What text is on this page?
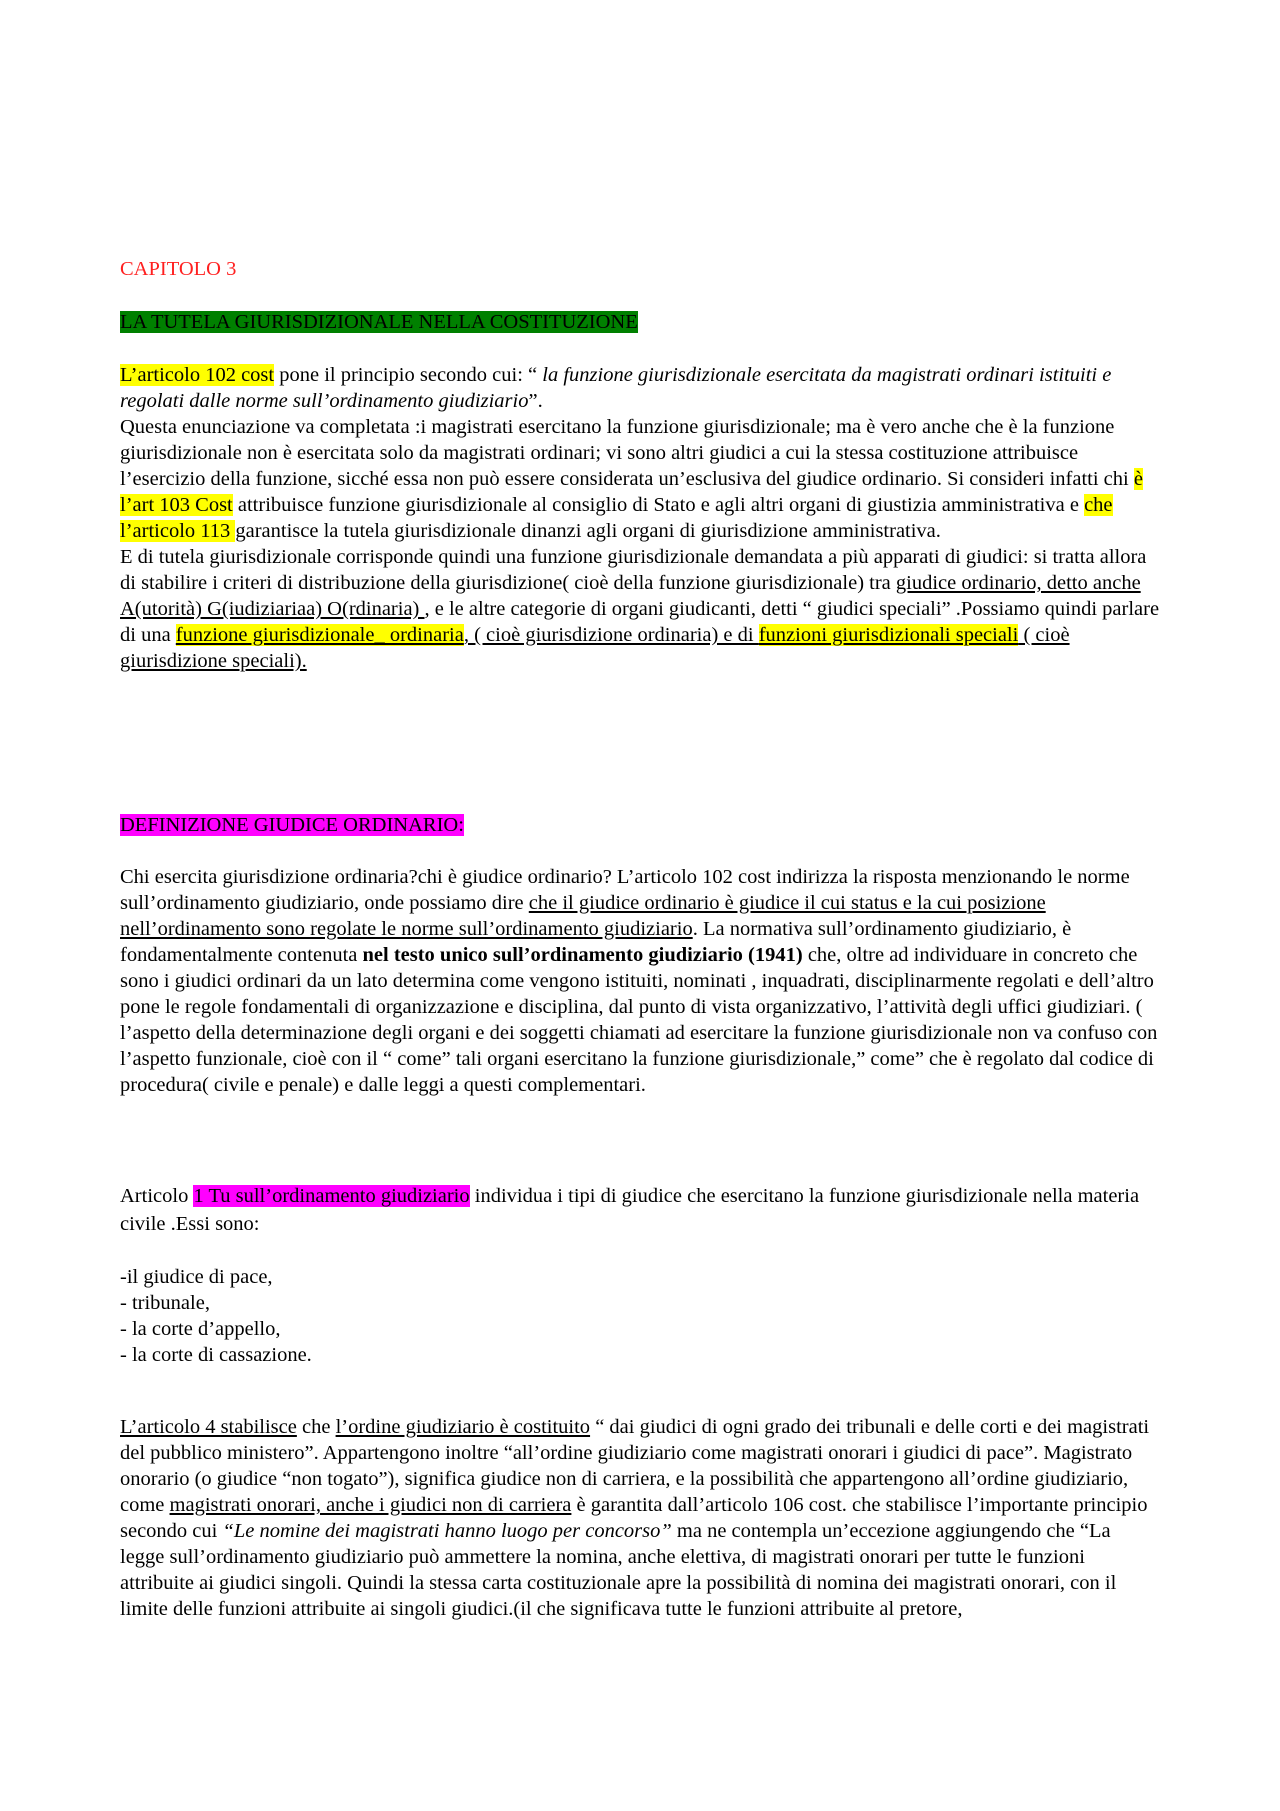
CAPITOLO 3
LA TUTELA GIURISDIZIONALE NELLA COSTITUZIONE

L’articolo 102 cost pone il principio secondo cui: “ la funzione giurisdizionale esercitata da magistrati ordinari istituiti e regolati dalle norme sull’ordinamento giudiziario”.

Questa enunciazione va completata :i magistrati esercitano la funzione giurisdizionale; ma è vero anche che è la funzione giurisdizionale non è esercitata solo da magistrati ordinari; vi sono altri giudici a cui la stessa costituzione attribuisce l’esercizio della funzione, sicché essa non può essere considerata un’esclusiva del giudice ordinario. Si consideri infatti chi è l’art 103 Cost attribuisce funzione giurisdizionale al consiglio di Stato e agli altri organi di giustizia amministrativa e che l’articolo 113 garantisce la tutela giurisdizionale dinanzi agli organi di giurisdizione amministrativa.

E di tutela giurisdizionale corrisponde quindi una funzione giurisdizionale demandata a più apparati di giudici: si tratta allora di stabilire i criteri di distribuzione della giurisdizione( cioè della funzione giurisdizionale) tra giudice ordinario, detto anche A(utorità) G(iudiziariaa) O(rdinaria) , e le altre categorie di organi giudicanti, detti “ giudici speciali” .Possiamo quindi parlare di una funzione giurisdizionale_ ordinaria, ( cioè giurisdizione ordinaria) e di funzioni giurisdizionali speciali ( cioè giurisdizione speciali).

DEFINIZIONE GIUDICE ORDINARIO:

Chi esercita giurisdizione ordinaria?chi è giudice ordinario? L’articolo 102 cost indirizza la risposta menzionando le norme sull’ordinamento giudiziario, onde possiamo dire che il giudice ordinario è giudice il cui status e la cui posizione nell’ordinamento sono regolate le norme sull’ordinamento giudiziario. La normativa sull’ordinamento giudiziario, è fondamentalmente contenuta nel testo unico sull’ordinamento giudiziario (1941) che, oltre ad individuare in concreto che sono i giudici ordinari da un lato determina come vengono istituiti, nominati , inquadrati, disciplinarmente regolati e dell’altro pone le regole fondamentali di organizzazione e disciplina, dal punto di vista organizzativo, l’attività degli uffici giudiziari. ( l’aspetto della determinazione degli organi e dei soggetti chiamati ad esercitare la funzione giurisdizionale non va confuso con l’aspetto funzionale, cioè con il “ come” tali organi esercitano la funzione giurisdizionale,” come” che è regolato dal codice di procedura( civile e penale) e dalle leggi a questi complementari.

Articolo 1 Tu sull’ordinamento giudiziario individua i tipi di giudice che esercitano la funzione giurisdizionale nella materia civile .Essi sono:

-il giudice di pace,
- tribunale,
- la corte d’appello,
- la corte di cassazione.

L’articolo 4 stabilisce che l’ordine giudiziario è costituito “ dai giudici di ogni grado dei tribunali e delle corti e dei magistrati del pubblico ministero”. Appartengono inoltre “all’ordine giudiziario come magistrati onorari i giudici di pace”. Magistrato onorario (o giudice “non togato”), significa giudice non di carriera, e la possibilità che appartengono all’ordine giudiziario, come magistrati onorari, anche i giudici non di carriera è garantita dall’articolo 106 cost. che stabilisce l’importante principio secondo cui “Le nomine dei magistrati hanno luogo per concorso” ma ne contempla un’eccezione aggiungendo che “La legge sull’ordinamento giudiziario può ammettere la nomina, anche elettiva, di magistrati onorari per tutte le funzioni attribuite ai giudici singoli. Quindi la stessa carta costituzionale apre la possibilità di nomina dei magistrati onorari, con il limite delle funzioni attribuite ai singoli giudici.(il che significava tutte le funzioni attribuite al pretore,
